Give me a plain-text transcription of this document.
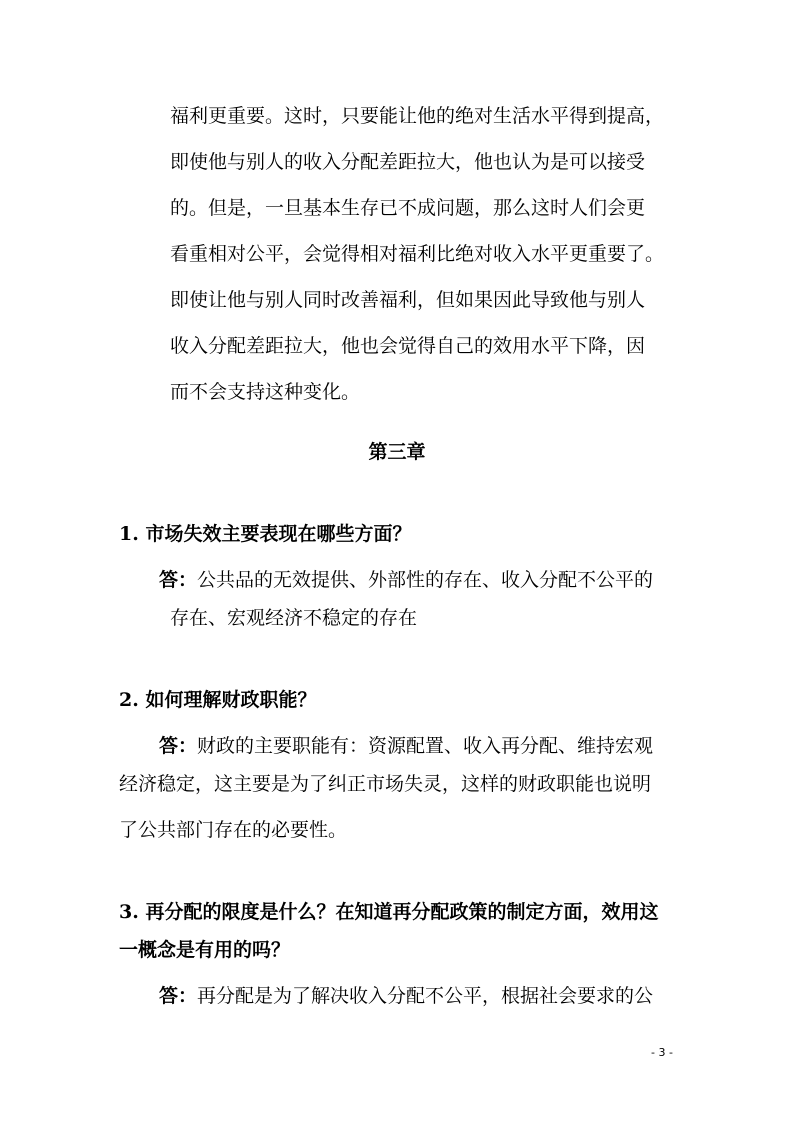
福利更重要。这时，只要能让他的绝对生活水平得到提高，
即使他与别人的收入分配差距拉大，他也认为是可以接受
的。但是，一旦基本生存已不成问题，那么这时人们会更
看重相对公平，会觉得相对福利比绝对收入水平更重要了。
即使让他与别人同时改善福利，但如果因此导致他与别人
收入分配差距拉大，他也会觉得自己的效用水平下降，因
而不会支持这种变化。
第三章
1. 市场失效主要表现在哪些方面？
答：公共品的无效提供、外部性的存在、收入分配不公平的
存在、宏观经济不稳定的存在
2. 如何理解财政职能？
答：财政的主要职能有：资源配置、收入再分配、维持宏观
经济稳定，这主要是为了纠正市场失灵，这样的财政职能也说明
了公共部门存在的必要性。
3. 再分配的限度是什么？在知道再分配政策的制定方面，效用这
一概念是有用的吗？
答：再分配是为了解决收入分配不公平，根据社会要求的公
- 3 -
